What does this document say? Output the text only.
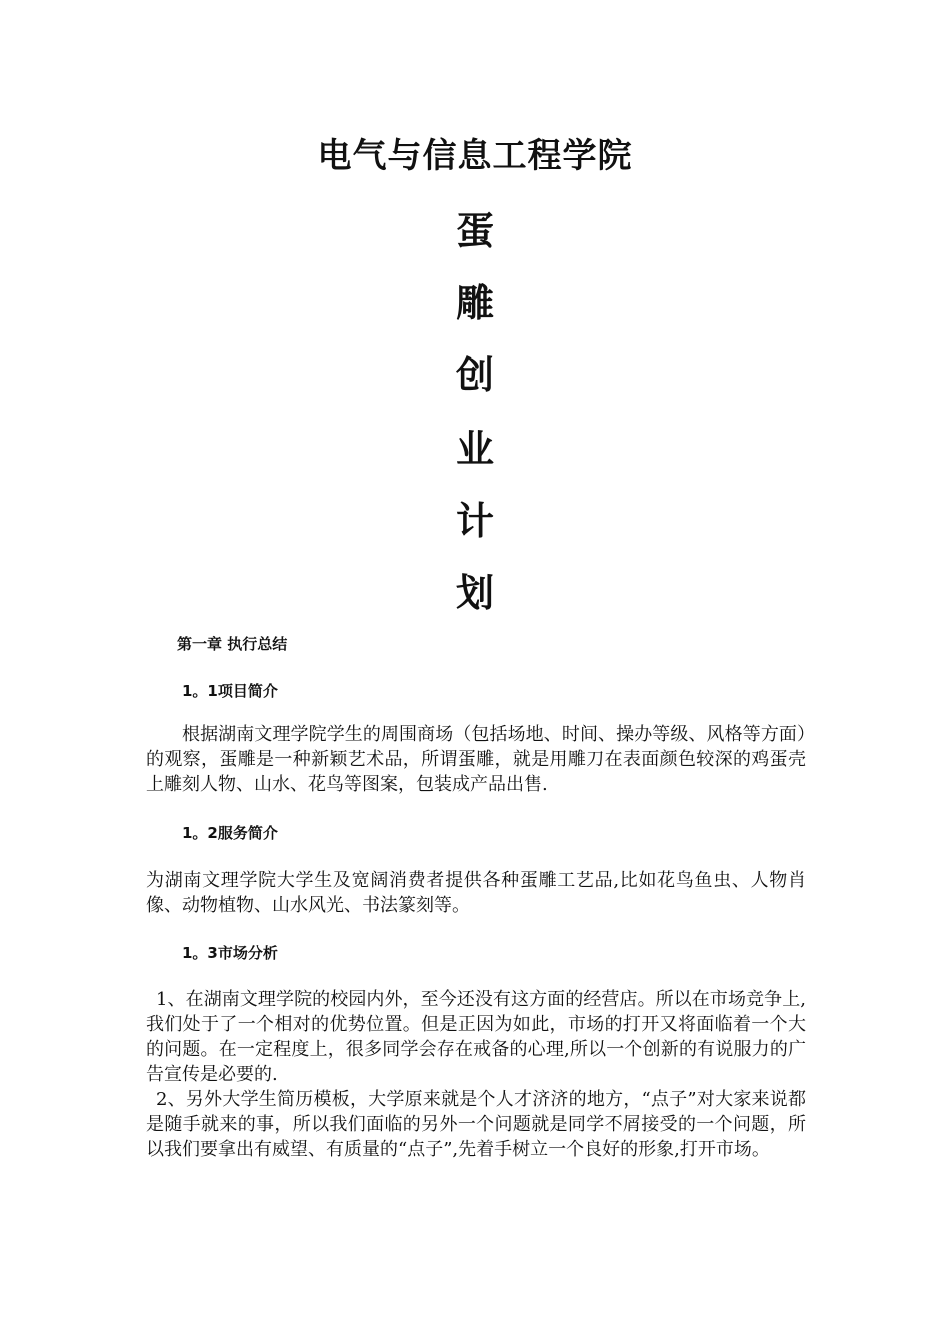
电气与信息工程学院
蛋
雕
创
业
计
划
第一章 执行总结
1。1项目简介

根据湖南文理学院学生的周围商场（包括场地、时间、操办等级、风格等方面）的观察，蛋雕是一种新颖艺术品，所谓蛋雕，就是用雕刀在表面颜色较深的鸡蛋壳上雕刻人物、山水、花鸟等图案，包装成产品出售.

1。2服务简介

为湖南文理学院大学生及宽阔消费者提供各种蛋雕工艺品,比如花鸟鱼虫、人物肖像、动物植物、山水风光、书法篆刻等。

1。3市场分析

1、在湖南文理学院的校园内外，至今还没有这方面的经营店。所以在市场竞争上,我们处于了一个相对的优势位置。但是正因为如此，市场的打开又将面临着一个大的问题。在一定程度上，很多同学会存在戒备的心理,所以一个创新的有说服力的广告宣传是必要的.

2、另外大学生简历模板，大学原来就是个人才济济的地方，“点子”对大家来说都是随手就来的事，所以我们面临的另外一个问题就是同学不屑接受的一个问题，所以我们要拿出有威望、有质量的“点子”,先着手树立一个良好的形象,打开市场。
